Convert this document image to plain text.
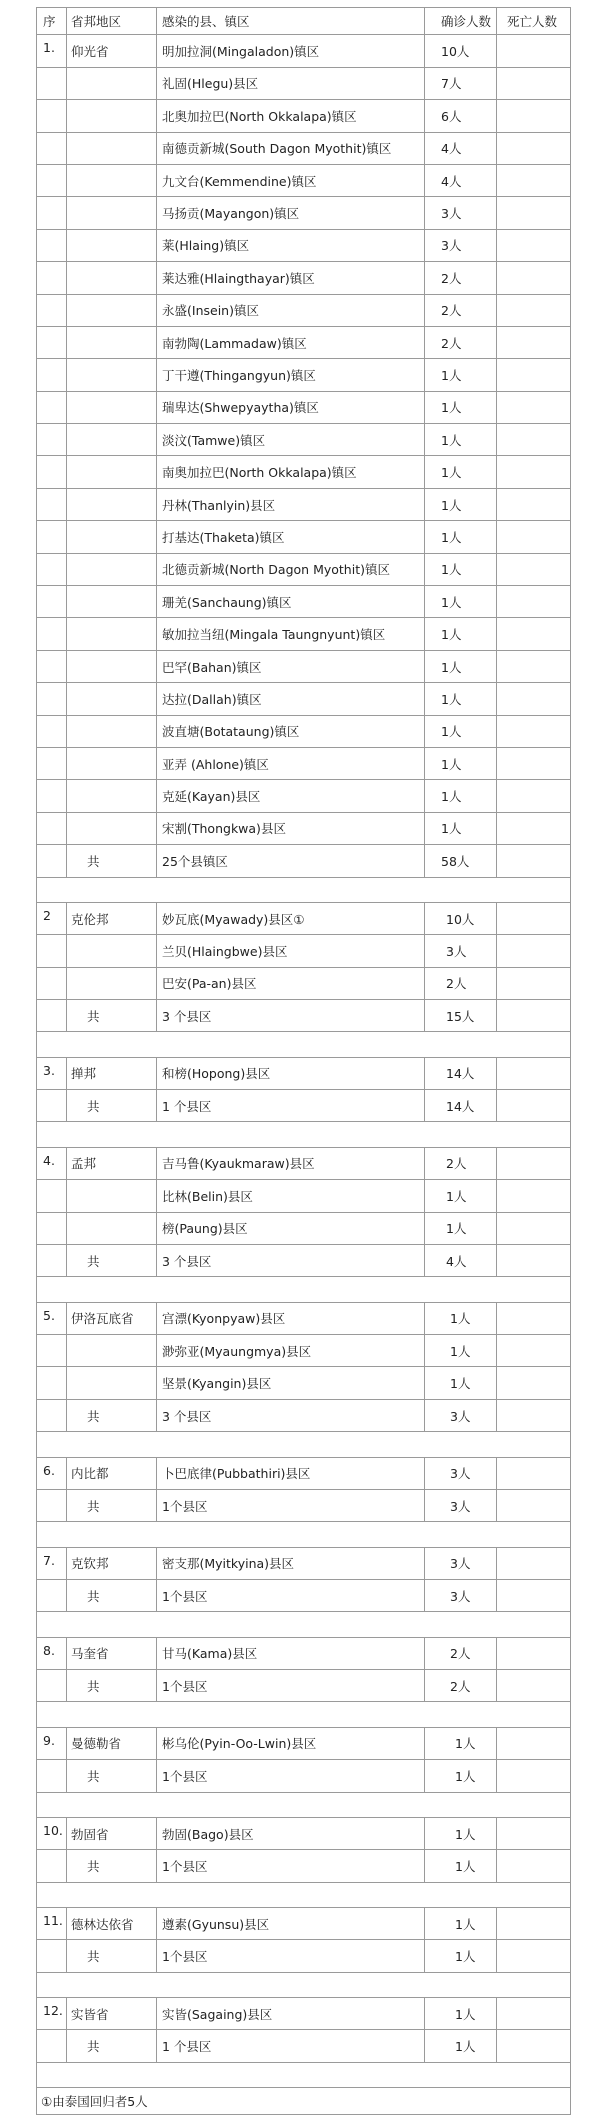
序	省邦地区	感染的县、镇区	确诊人数	死亡人数
1.	仰光省	明加拉洞(Mingaladon)镇区	10人	
		礼固(Hlegu)县区	7人	
		北奥加拉巴(North Okkalapa)镇区	6人	
		南德贡新城(South Dagon Myothit)镇区	4人	
		九文台(Kemmendine)镇区	4人	
		马扬贡(Mayangon)镇区	3人	
		莱(Hlaing)镇区	3人	
		莱达雅(Hlaingthayar)镇区	2人	
		永盛(Insein)镇区	2人	
		南勃陶(Lammadaw)镇区	2人	
		丁干遵(Thingangyun)镇区	1人	
		瑞卑达(Shwepyaytha)镇区	1人	
		淡汶(Tamwe)镇区	1人	
		南奥加拉巴(North Okkalapa)镇区	1人	
		丹林(Thanlyin)县区	1人	
		打基达(Thaketa)镇区	1人	
		北德贡新城(North Dagon Myothit)镇区	1人	
		珊羌(Sanchaung)镇区	1人	
		敏加拉当纽(Mingala Taungnyunt)镇区	1人	
		巴罕(Bahan)镇区	1人	
		达拉(Dallah)镇区	1人	
		波直塘(Botataung)镇区	1人	
		亚弄 (Ahlone)镇区	1人	
		克延(Kayan)县区	1人	
		宋割(Thongkwa)县区	1人	
	共	25个县镇区	58人	

2	克伦邦	妙瓦底(Myawady)县区①	10人	
		兰贝(Hlaingbwe)县区	3人	
		巴安(Pa-an)县区	2人	
	共	3 个县区	15人	

3.	掸邦	和榜(Hopong)县区	14人	
	共	1 个县区	14人	

4.	孟邦	吉马鲁(Kyaukmaraw)县区	2人	
		比林(Belin)县区	1人	
		榜(Paung)县区	1人	
	共	3 个县区	4人	

5.	伊洛瓦底省	宫漂(Kyonpyaw)县区	1人	
		渺弥亚(Myaungmya)县区	1人	
		坚景(Kyangin)县区	1人	
	共	3 个县区	3人	

6.	内比都	卜巴底律(Pubbathiri)县区	3人	
	共	1个县区	3人	

7.	克钦邦	密支那(Myitkyina)县区	3人	
	共	1个县区	3人	

8.	马奎省	甘马(Kama)县区	2人	
	共	1个县区	2人	

9.	曼德勒省	彬乌伦(Pyin-Oo-Lwin)县区	1人	
	共	1个县区	1人	

10.	勃固省	勃固(Bago)县区	1人	
	共	1个县区	1人	

11.	德林达依省	遵素(Gyunsu)县区	1人	
	共	1个县区	1人	

12.	实皆省	实皆(Sagaing)县区	1人	
	共	1 个县区	1人	

①由泰国回归者5人				
